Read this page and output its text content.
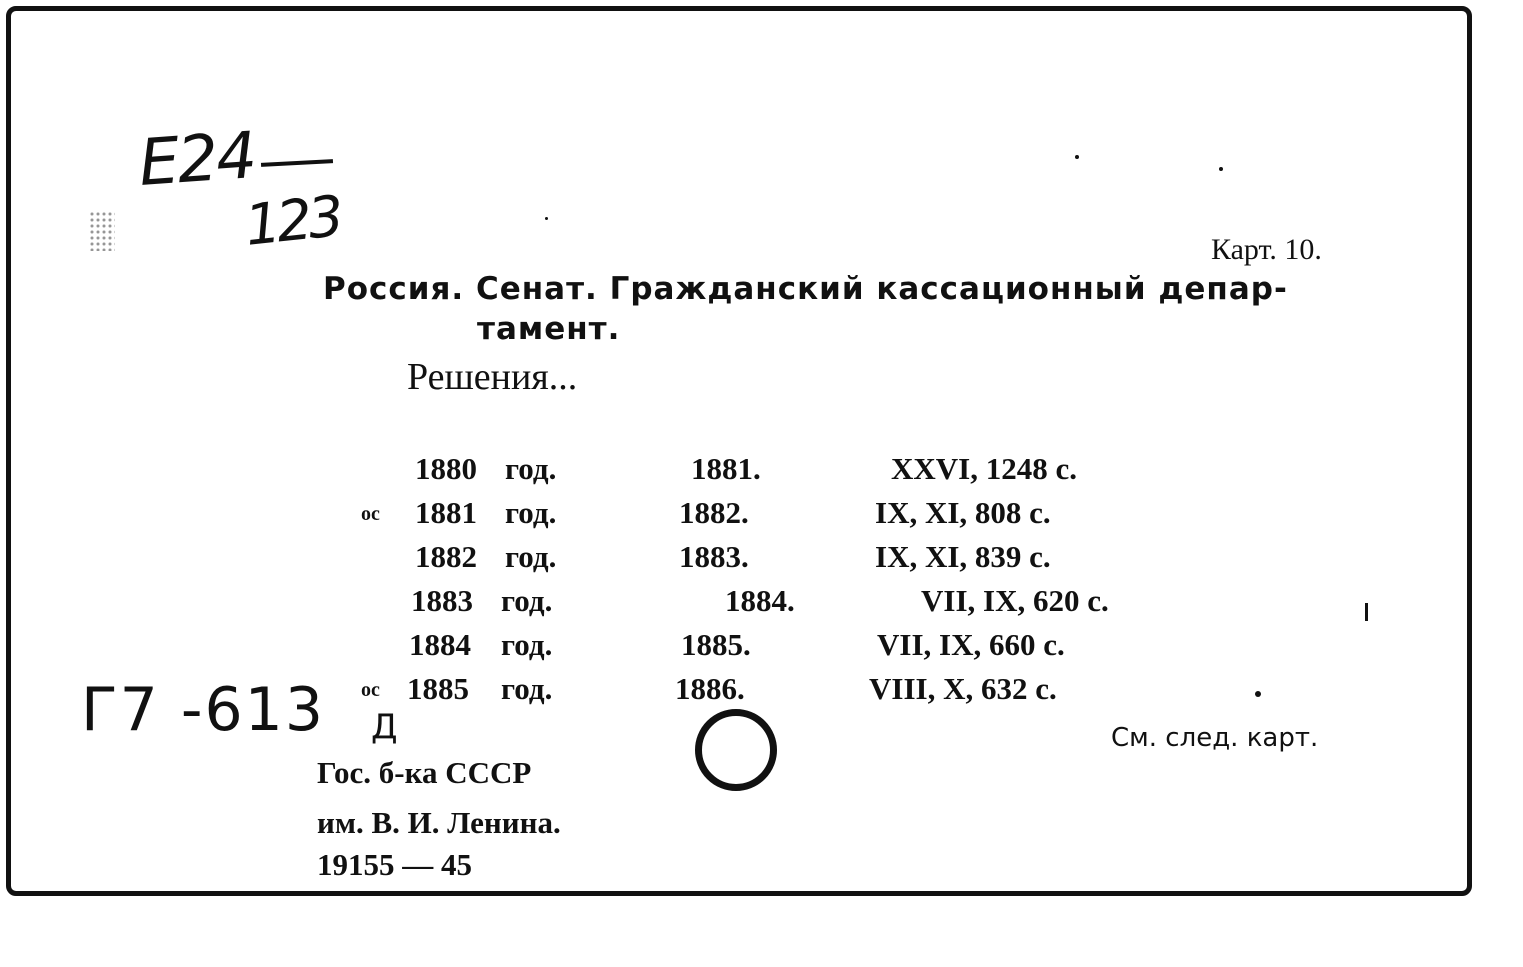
E24
123	Карт. 10.
Россия. Сенат. Гражданский кассационный депар-
тамент.
Решения...
1880 год.	1881.	XXVI, 1248 с.
ос 1881 год.	1882.	IX, XI, 808 с.
1882 год.	1883.	IX, XI, 839 с.
1883 год.	1884.	VII, IX, 620 с.
1884 год.	1885.	VII, IX, 660 с.
ос 1885 год.	1886.	VIII, X, 632 с.
См. след. карт.
Г7 -613 Д
Гос. б-ка СССР
им. В. И. Ленина.
19155 — 45
